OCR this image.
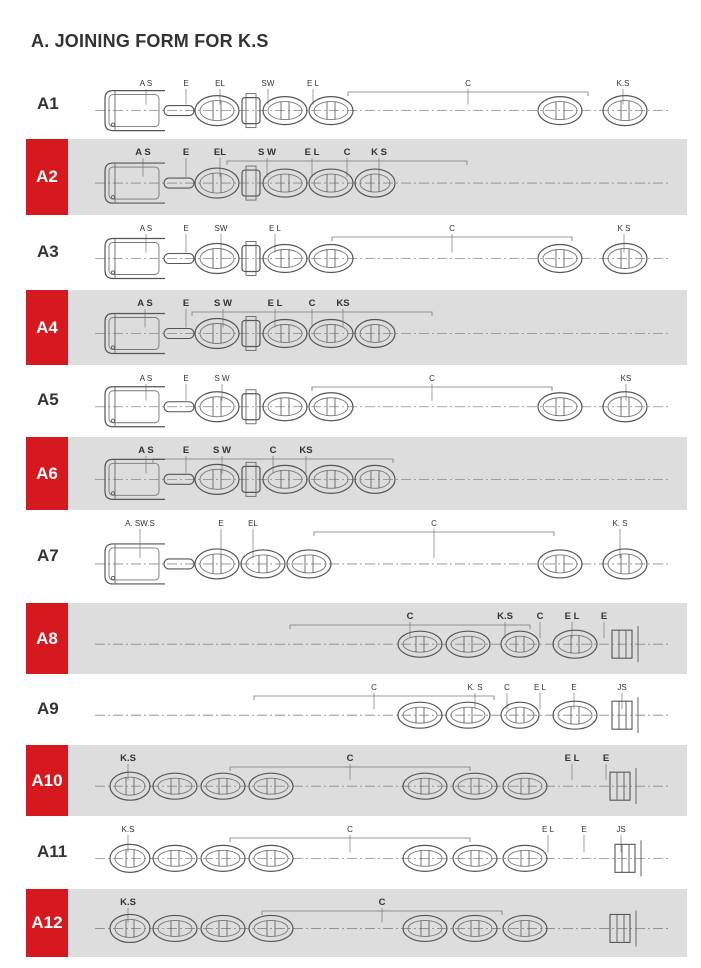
A. JOINING FORM FOR K.S
A1
A S	E	EL	SW	E L	C	K.S
A2
A S	E	EL	S W	E L	C K S
A3
A S	E	SW	E L	C	K S
A4
A S	E	S W	E L	C KS
A5
A S	E	S W	C	KS
A6
A S	E	S W	C KS
A7
A. SW.S	E	EL	C	K. S
A8
C	K.S C E L E
A9
C	K. S	C	E L	E	JS
A10
K.S	C	E L E
A11
K.S	C	E L	E	JS
A12
K.S	C
